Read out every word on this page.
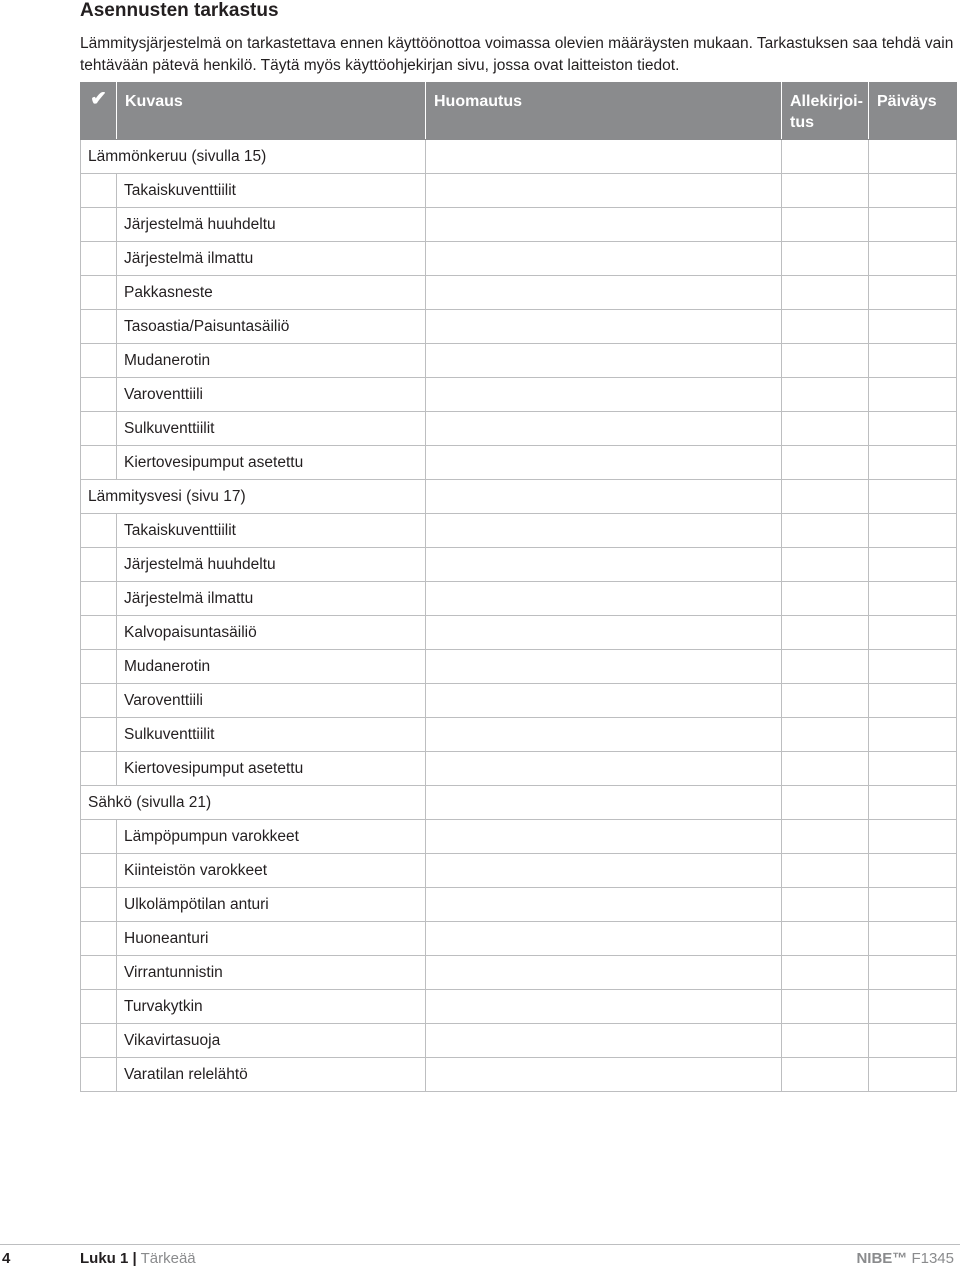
Asennusten tarkastus
Lämmitysjärjestelmä on tarkastettava ennen käyttöönottoa voimassa olevien määräysten mukaan. Tarkastuksen saa tehdä vain tehtävään pätevä henkilö. Täytä myös käyttöohjekirjan sivu, jossa ovat laitteiston tiedot.
✔	Kuvaus	Huomautus	Allekirjoi-
tus	Päiväys
Lämmönkeruu (sivulla 15)				
	Takaiskuventtiilit			
	Järjestelmä huuhdeltu			
	Järjestelmä ilmattu			
	Pakkasneste			
	Tasoastia/Paisuntasäiliö			
	Mudanerotin			
	Varoventtiili			
	Sulkuventtiilit			
	Kiertovesipumput asetettu			
Lämmitysvesi (sivu 17)				
	Takaiskuventtiilit			
	Järjestelmä huuhdeltu			
	Järjestelmä ilmattu			
	Kalvopaisuntasäiliö			
	Mudanerotin			
	Varoventtiili			
	Sulkuventtiilit			
	Kiertovesipumput asetettu			
Sähkö (sivulla 21)				
	Lämpöpumpun varokkeet			
	Kiinteistön varokkeet			
	Ulkolämpötilan anturi			
	Huoneanturi			
	Virrantunnistin			
	Turvakytkin			
	Vikavirtasuoja			
	Varatilan relelähtö			
4	Luku 1 | Tärkeää	NIBE™ F1345
